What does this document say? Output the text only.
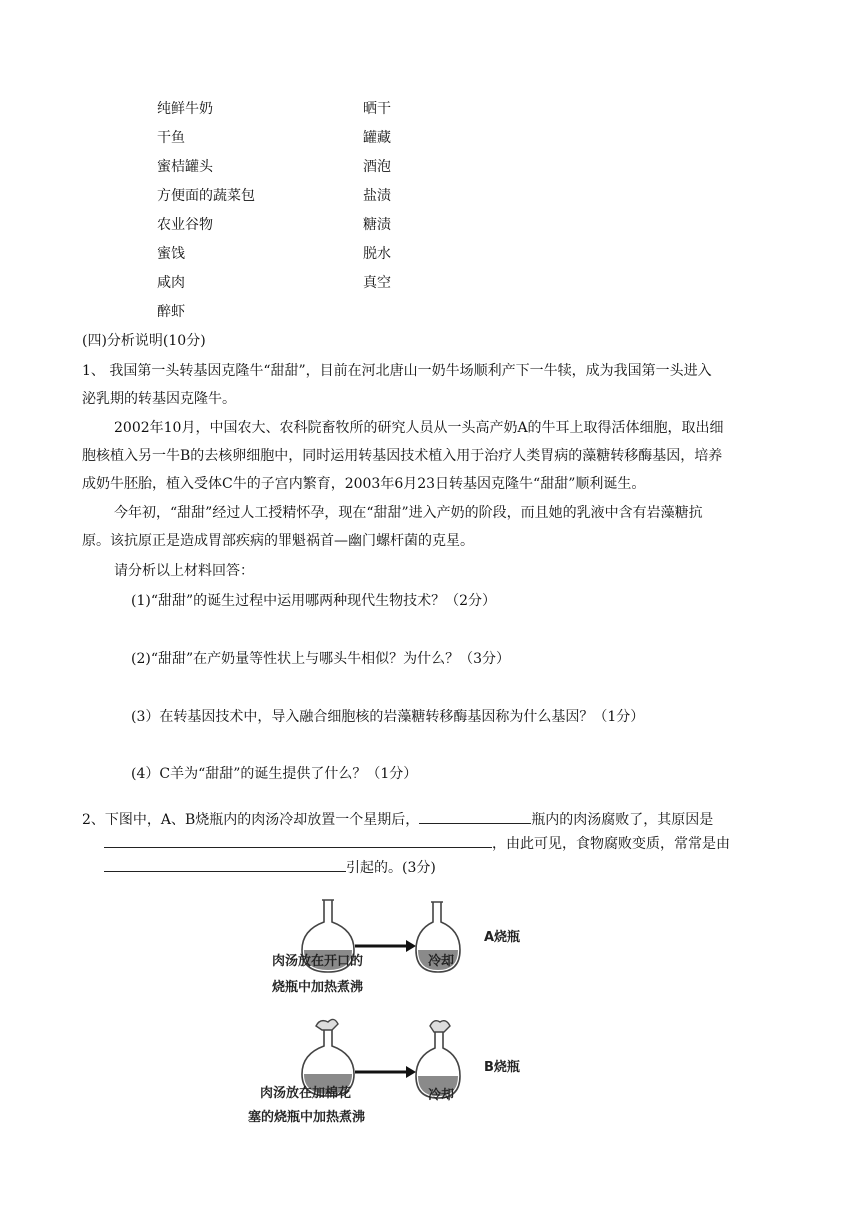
纯鲜牛奶
干鱼
蜜桔罐头
方便面的蔬菜包
农业谷物
蜜饯
咸肉
醉虾
晒干
罐藏
酒泡
盐渍
糖渍
脱水
真空
(四)分析说明(10分)
1、 我国第一头转基因克隆牛“甜甜”，目前在河北唐山一奶牛场顺利产下一牛犊，成为我国第一头进入
泌乳期的转基因克隆牛。
2002年10月，中国农大、农科院畜牧所的研究人员从一头高产奶A的牛耳上取得活体细胞，取出细
胞核植入另一牛B的去核卵细胞中，同时运用转基因技术植入用于治疗人类胃病的藻糖转移酶基因，培养
成奶牛胚胎，植入受体C牛的子宫内繁育，2003年6月23日转基因克隆牛“甜甜”顺利诞生。
今年初，“甜甜”经过人工授精怀孕，现在“甜甜”进入产奶的阶段，而且她的乳液中含有岩藻糖抗
原。该抗原正是造成胃部疾病的罪魁祸首—幽门螺杆菌的克星。
请分析以上材料回答：
(1)“甜甜”的诞生过程中运用哪两种现代生物技术？（2分）
(2)“甜甜”在产奶量等性状上与哪头牛相似？为什么？（3分）
(3）在转基因技术中，导入融合细胞核的岩藻糖转移酶基因称为什么基因？（1分）
(4）C羊为“甜甜”的诞生提供了什么？（1分）
2、下图中，A、B烧瓶内的肉汤冷却放置一个星期后，	瓶内的肉汤腐败了，其原因是
，由此可见，食物腐败变质，常常是由
引起的。(3分)
肉汤放在开口的
烧瓶中加热煮沸
冷却
A烧瓶
肉汤放在加棉花
塞的烧瓶中加热煮沸
冷却
B烧瓶
